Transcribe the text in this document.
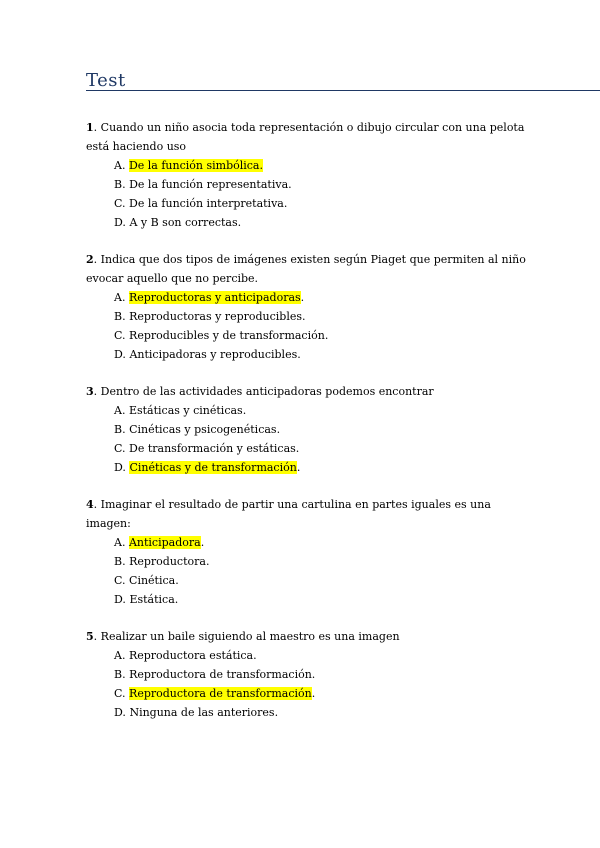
Test
1. Cuando un niño asocia toda representación o dibujo circular con una pelota está haciendo uso
A. De la función simbólica.
B. De la función representativa.
C. De la función interpretativa.
D. A y B son correctas.
2. Indica que dos tipos de imágenes existen según Piaget que permiten al niño evocar aquello que no percibe.
A. Reproductoras y anticipadoras.
B. Reproductoras y reproducibles.
C. Reproducibles y de transformación.
D. Anticipadoras y reproducibles.
3. Dentro de las actividades anticipadoras podemos encontrar
A. Estáticas y cinéticas.
B. Cinéticas y psicogenéticas.
C. De transformación y estáticas.
D. Cinéticas y de transformación.
4. Imaginar el resultado de partir una cartulina en partes iguales es una imagen:
A. Anticipadora.
B. Reproductora.
C. Cinética.
D. Estática.
5. Realizar un baile siguiendo al maestro es una imagen
A. Reproductora estática.
B. Reproductora de transformación.
C. Reproductora de transformación.
D. Ninguna de las anteriores.
